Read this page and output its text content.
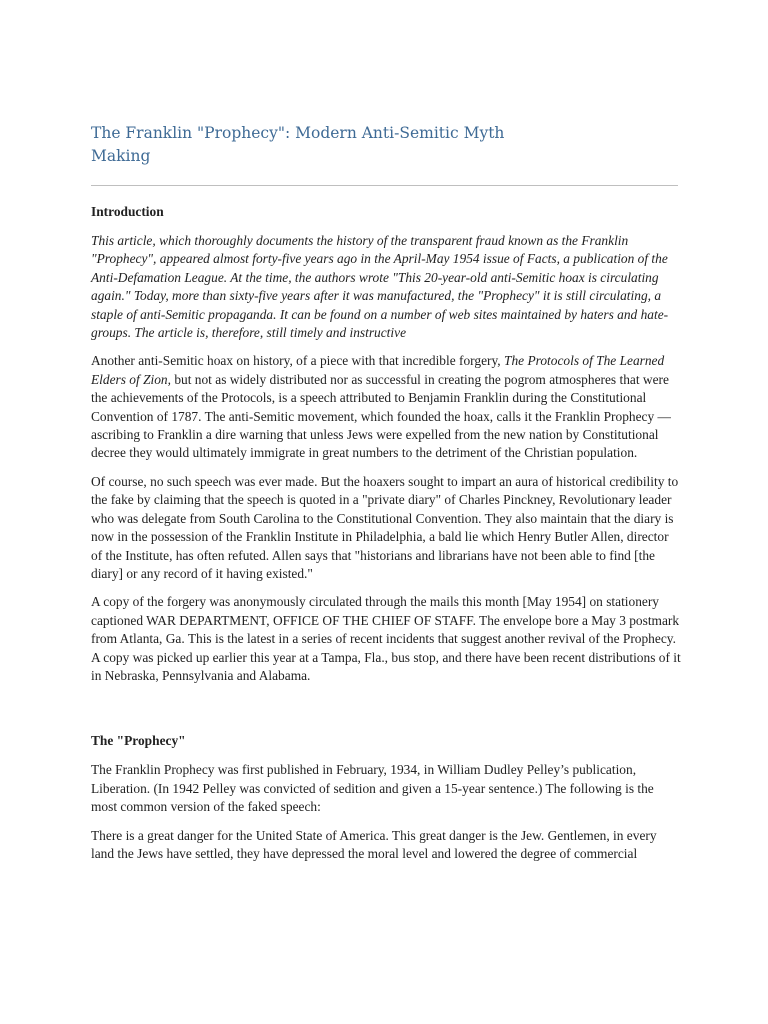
The Franklin "Prophecy": Modern Anti-Semitic Myth Making
Introduction

This article, which thoroughly documents the history of the transparent fraud known as the Franklin "Prophecy", appeared almost forty-five years ago in the April-May 1954 issue of Facts, a publication of the Anti-Defamation League. At the time, the authors wrote "This 20-year-old anti-Semitic hoax is circulating again." Today, more than sixty-five years after it was manufactured, the "Prophecy" it is still circulating, a staple of anti-Semitic propaganda. It can be found on a number of web sites maintained by haters and hate-groups. The article is, therefore, still timely and instructive

Another anti-Semitic hoax on history, of a piece with that incredible forgery, The Protocols of The Learned Elders of Zion, but not as widely distributed nor as successful in creating the pogrom atmospheres that were the achievements of the Protocols, is a speech attributed to Benjamin Franklin during the Constitutional Convention of 1787. The anti-Semitic movement, which founded the hoax, calls it the Franklin Prophecy — ascribing to Franklin a dire warning that unless Jews were expelled from the new nation by Constitutional decree they would ultimately immigrate in great numbers to the detriment of the Christian population.

Of course, no such speech was ever made. But the hoaxers sought to impart an aura of historical credibility to the fake by claiming that the speech is quoted in a "private diary" of Charles Pinckney, Revolutionary leader who was delegate from South Carolina to the Constitutional Convention. They also maintain that the diary is now in the possession of the Franklin Institute in Philadelphia, a bald lie which Henry Butler Allen, director of the Institute, has often refuted. Allen says that "historians and librarians have not been able to find [the diary] or any record of it having existed."

A copy of the forgery was anonymously circulated through the mails this month [May 1954] on stationery captioned WAR DEPARTMENT, OFFICE OF THE CHIEF OF STAFF. The envelope bore a May 3 postmark from Atlanta, Ga. This is the latest in a series of recent incidents that suggest another revival of the Prophecy. A copy was picked up earlier this year at a Tampa, Fla., bus stop, and there have been recent distributions of it in Nebraska, Pennsylvania and Alabama.

The "Prophecy"

The Franklin Prophecy was first published in February, 1934, in William Dudley Pelley’s publication, Liberation. (In 1942 Pelley was convicted of sedition and given a 15-year sentence.) The following is the most common version of the faked speech:

There is a great danger for the United State of America. This great danger is the Jew. Gentlemen, in every land the Jews have settled, they have depressed the moral level and lowered the degree of commercial
